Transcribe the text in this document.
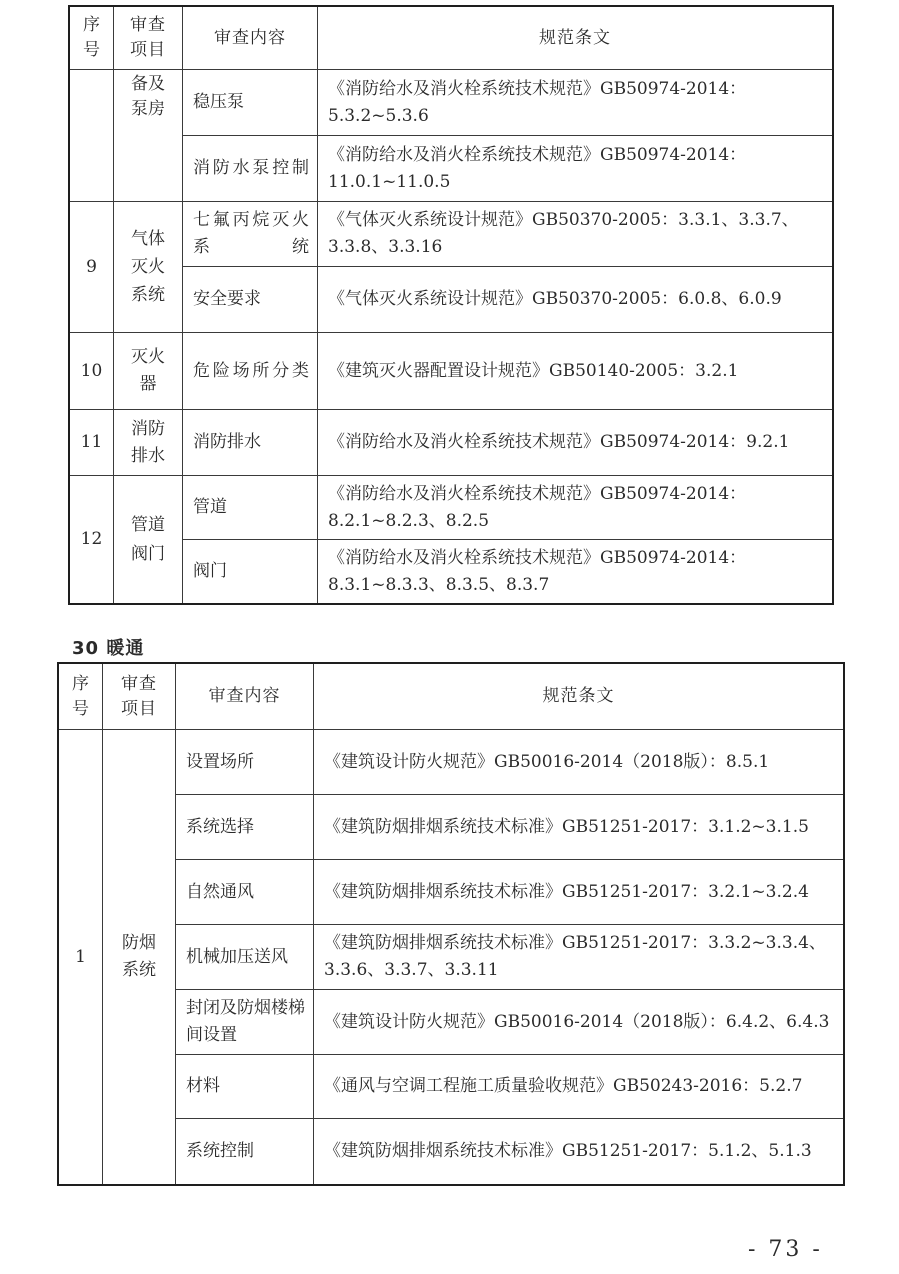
序号	审查项目	审查内容	规范条文
	备及泵房	稳压泵	《消防给水及消火栓系统技术规范》GB50974-2014：5.3.2~5.3.6
		消防水泵控制	《消防给水及消火栓系统技术规范》GB50974-2014：11.0.1~11.0.5
9	气体灭火系统	七氟丙烷灭火系统	《气体灭火系统设计规范》GB50370-2005：3.3.1、3.3.7、3.3.8、3.3.16
		安全要求	《气体灭火系统设计规范》GB50370-2005：6.0.8、6.0.9
10	灭火器	危险场所分类	《建筑灭火器配置设计规范》GB50140-2005：3.2.1
11	消防排水	消防排水	《消防给水及消火栓系统技术规范》GB50974-2014：9.2.1
12	管道阀门	管道	《消防给水及消火栓系统技术规范》GB50974-2014：8.2.1~8.2.3、8.2.5
		阀门	《消防给水及消火栓系统技术规范》GB50974-2014：8.3.1~8.3.3、8.3.5、8.3.7
30 暖通
序号	审查项目	审查内容	规范条文
1	防烟系统	设置场所	《建筑设计防火规范》GB50016-2014（2018版）：8.5.1
		系统选择	《建筑防烟排烟系统技术标准》GB51251-2017：3.1.2~3.1.5
		自然通风	《建筑防烟排烟系统技术标准》GB51251-2017：3.2.1~3.2.4
		机械加压送风	《建筑防烟排烟系统技术标准》GB51251-2017：3.3.2~3.3.4、3.3.6、3.3.7、3.3.11
		封闭及防烟楼梯间设置	《建筑设计防火规范》GB50016-2014（2018版）：6.4.2、6.4.3
		材料	《通风与空调工程施工质量验收规范》GB50243-2016：5.2.7
		系统控制	《建筑防烟排烟系统技术标准》GB51251-2017：5.1.2、5.1.3
- 73 -
